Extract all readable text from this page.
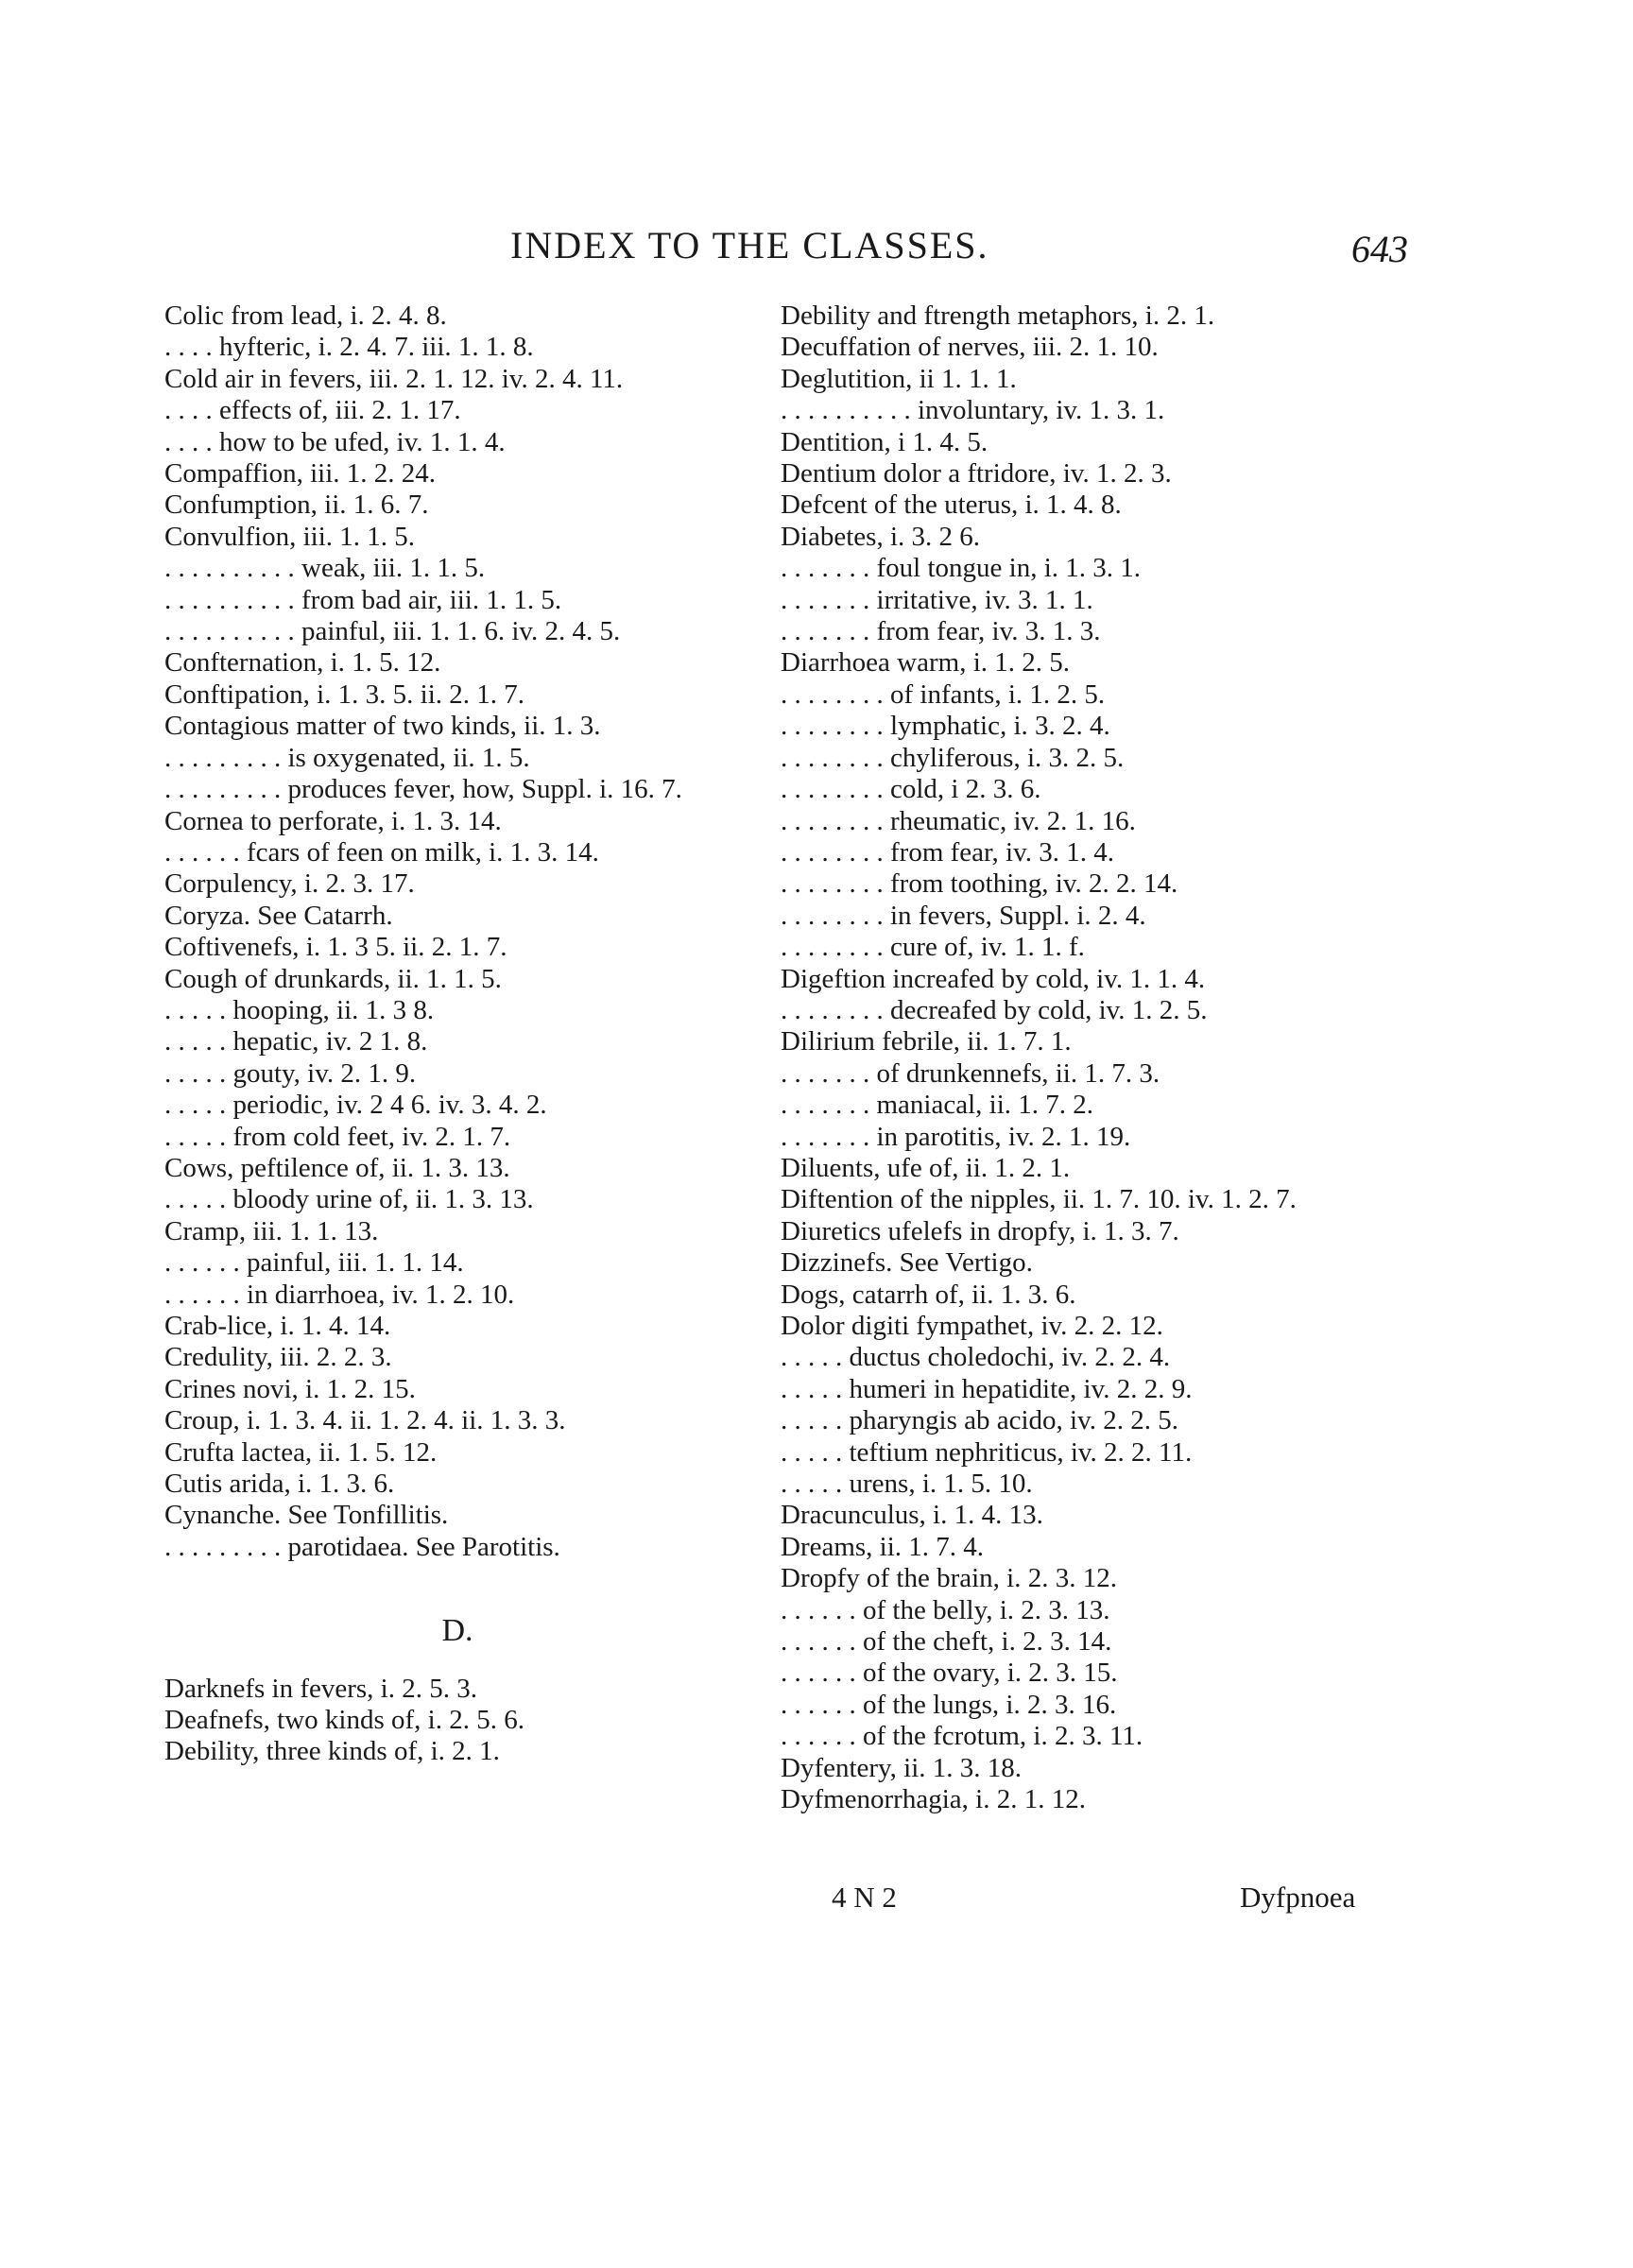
INDEX TO THE CLASSES.	643
Colic from lead, i. 2. 4. 8.
. . . . hyfteric, i. 2. 4. 7. iii. 1. 1. 8.
Cold air in fevers, iii. 2. 1. 12. iv. 2. 4. 11.
. . . . effects of, iii. 2. 1. 17.
. . . . how to be ufed, iv. 1. 1. 4.
Compaffion, iii. 1. 2. 24.
Confumption, ii. 1. 6. 7.
Convulfion, iii. 1. 1. 5.
. . . . . . . . . . weak, iii. 1. 1. 5.
. . . . . . . . . . from bad air, iii. 1. 1. 5.
. . . . . . . . . . painful, iii. 1. 1. 6. iv. 2. 4. 5.
Confternation, i. 1. 5. 12.
Conftipation, i. 1. 3. 5. ii. 2. 1. 7.
Contagious matter of two kinds, ii. 1. 3.
. . . . . . . . . is oxygenated, ii. 1. 5.
. . . . . . . . . produces fever, how, Suppl. i. 16. 7.
Cornea to perforate, i. 1. 3. 14.
. . . . . . fcars of feen on milk, i. 1. 3. 14.
Corpulency, i. 2. 3. 17.
Coryza. See Catarrh.
Coftivenefs, i. 1. 3 5. ii. 2. 1. 7.
Cough of drunkards, ii. 1. 1. 5.
. . . . . hooping, ii. 1. 3 8.
. . . . . hepatic, iv. 2 1. 8.
. . . . . gouty, iv. 2. 1. 9.
. . . . . periodic, iv. 2 4 6. iv. 3. 4. 2.
. . . . . from cold feet, iv. 2. 1. 7.
Cows, peftilence of, ii. 1. 3. 13.
. . . . . bloody urine of, ii. 1. 3. 13.
Cramp, iii. 1. 1. 13.
. . . . . . painful, iii. 1. 1. 14.
. . . . . . in diarrhoea, iv. 1. 2. 10.
Crab-lice, i. 1. 4. 14.
Credulity, iii. 2. 2. 3.
Crines novi, i. 1. 2. 15.
Croup, i. 1. 3. 4. ii. 1. 2. 4. ii. 1. 3. 3.
Crufta lactea, ii. 1. 5. 12.
Cutis arida, i. 1. 3. 6.
Cynanche. See Tonfillitis.
. . . . . . . . . parotidaea. See Parotitis.
D.
Darknefs in fevers, i. 2. 5. 3.
Deafnefs, two kinds of, i. 2. 5. 6.
Debility, three kinds of, i. 2. 1.
Debility and ftrength metaphors, i. 2. 1.
Decuffation of nerves, iii. 2. 1. 10.
Deglutition, ii 1. 1. 1.
. . . . . . . . . . involuntary, iv. 1. 3. 1.
Dentition, i 1. 4. 5.
Dentium dolor a ftridore, iv. 1. 2. 3.
Defcent of the uterus, i. 1. 4. 8.
Diabetes, i. 3. 2 6.
. . . . . . . foul tongue in, i. 1. 3. 1.
. . . . . . . irritative, iv. 3. 1. 1.
. . . . . . . from fear, iv. 3. 1. 3.
Diarrhoea warm, i. 1. 2. 5.
. . . . . . . . of infants, i. 1. 2. 5.
. . . . . . . . lymphatic, i. 3. 2. 4.
. . . . . . . . chyliferous, i. 3. 2. 5.
. . . . . . . . cold, i 2. 3. 6.
. . . . . . . . rheumatic, iv. 2. 1. 16.
. . . . . . . . from fear, iv. 3. 1. 4.
. . . . . . . . from toothing, iv. 2. 2. 14.
. . . . . . . . in fevers, Suppl. i. 2. 4.
. . . . . . . . cure of, iv. 1. 1. f.
Digeftion increafed by cold, iv. 1. 1. 4.
. . . . . . . . decreafed by cold, iv. 1. 2. 5.
Dilirium febrile, ii. 1. 7. 1.
. . . . . . . of drunkennefs, ii. 1. 7. 3.
. . . . . . . maniacal, ii. 1. 7. 2.
. . . . . . . in parotitis, iv. 2. 1. 19.
Diluents, ufe of, ii. 1. 2. 1.
Diftention of the nipples, ii. 1. 7. 10. iv. 1. 2. 7.
Diuretics ufelefs in dropfy, i. 1. 3. 7.
Dizzinefs. See Vertigo.
Dogs, catarrh of, ii. 1. 3. 6.
Dolor digiti fympathet, iv. 2. 2. 12.
. . . . . ductus choledochi, iv. 2. 2. 4.
. . . . . humeri in hepatidite, iv. 2. 2. 9.
. . . . . pharyngis ab acido, iv. 2. 2. 5.
. . . . . teftium nephriticus, iv. 2. 2. 11.
. . . . . urens, i. 1. 5. 10.
Dracunculus, i. 1. 4. 13.
Dreams, ii. 1. 7. 4.
Dropfy of the brain, i. 2. 3. 12.
. . . . . . of the belly, i. 2. 3. 13.
. . . . . . of the cheft, i. 2. 3. 14.
. . . . . . of the ovary, i. 2. 3. 15.
. . . . . . of the lungs, i. 2. 3. 16.
. . . . . . of the fcrotum, i. 2. 3. 11.
Dyfentery, ii. 1. 3. 18.
Dyfmenorrhagia, i. 2. 1. 12.
4 N 2	Dyfpnoea
